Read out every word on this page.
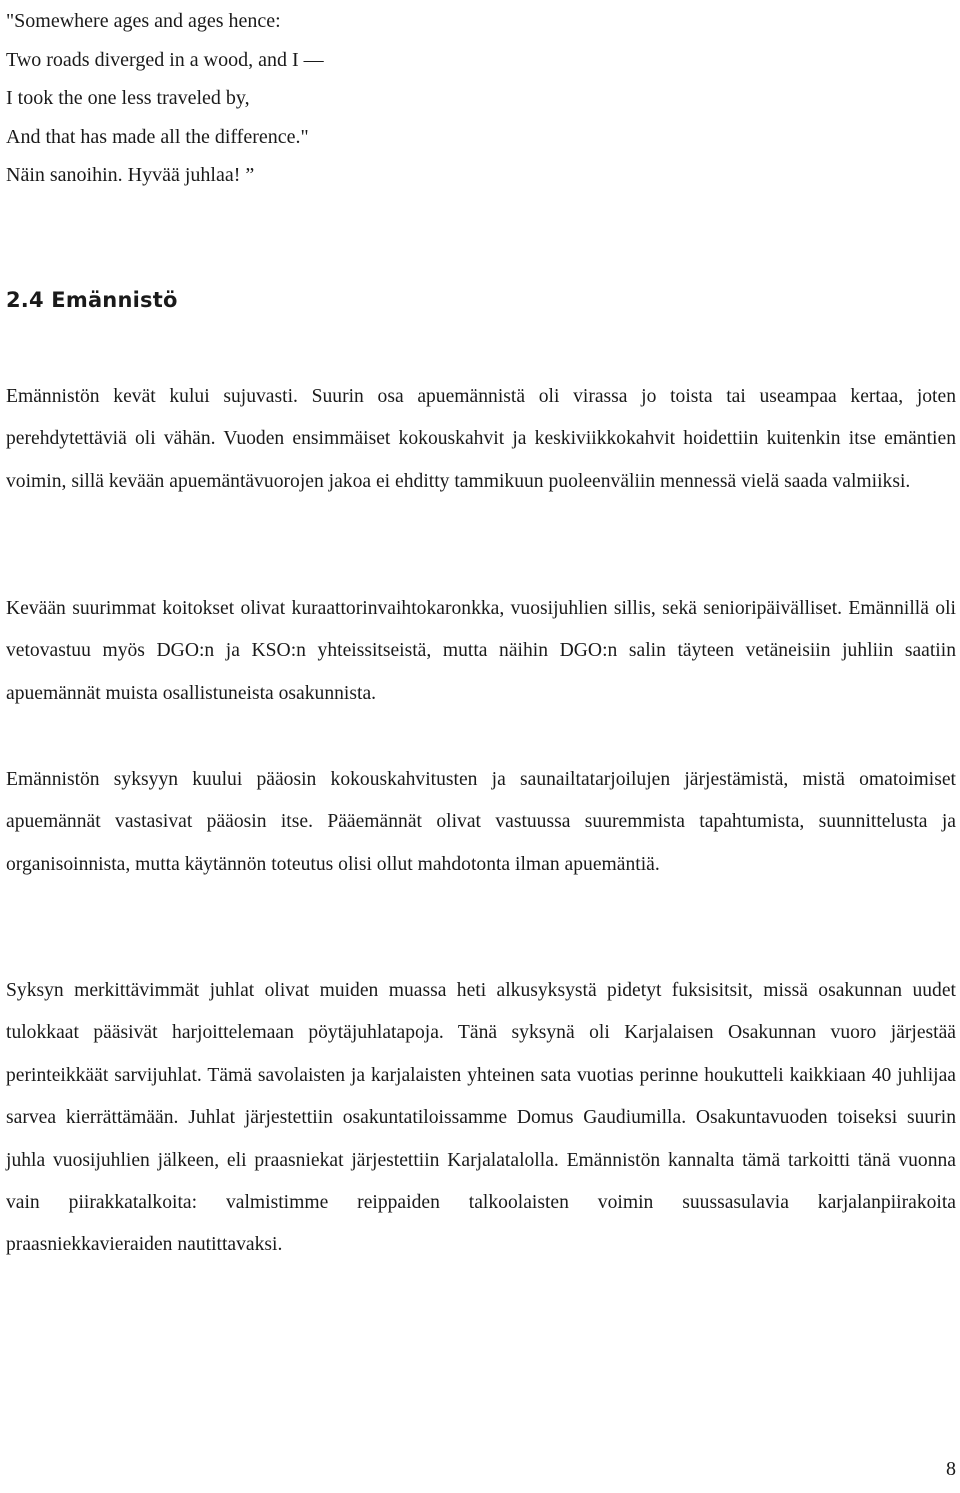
"Somewhere ages and ages hence:
Two roads diverged in a wood, and I —
I took the one less traveled by,
And that has made all the difference."
Näin sanoihin. Hyvää juhlaa! ”
2.4 Emännistö

Emännistön kevät kului sujuvasti. Suurin osa apuemännistä oli virassa jo toista tai useampaa kertaa, joten perehdytettäviä oli vähän. Vuoden ensimmäiset kokouskahvit ja keskiviikkokahvit hoidettiin kuitenkin itse emäntien voimin, sillä kevään apuemäntävuorojen jakoa ei ehditty tammikuun puoleenväliin mennessä vielä saada valmiiksi.

Kevään suurimmat koitokset olivat kuraattorinvaihtokaronkka, vuosijuhlien sillis, sekä senioripäivälliset. Emännillä oli vetovastuu myös DGO:n ja KSO:n yhteissitseistä, mutta näihin DGO:n salin täyteen vetäneisiin juhliin saatiin apuemännät muista osallistuneista osakunnista.

Emännistön syksyyn kuului pääosin kokouskahvitusten ja saunailtatarjoilujen järjestämistä, mistä omatoimiset apuemännät vastasivat pääosin itse. Pääemännät olivat vastuussa suuremmista tapahtumista, suunnittelusta ja organisoinnista, mutta käytännön toteutus olisi ollut mahdotonta ilman apuemäntiä.

Syksyn merkittävimmät juhlat olivat muiden muassa heti alkusyksystä pidetyt fuksisitsit, missä osakunnan uudet tulokkaat pääsivät harjoittelemaan pöytäjuhlatapoja. Tänä syksynä oli Karjalaisen Osakunnan vuoro järjestää perinteikkäät sarvijuhlat. Tämä savolaisten ja karjalaisten yhteinen sata vuotias perinne houkutteli kaikkiaan 40 juhlijaa sarvea kierrättämään. Juhlat järjestettiin osakuntatiloissamme Domus Gaudiumilla. Osakuntavuoden toiseksi suurin juhla vuosijuhlien jälkeen, eli praasniekat järjestettiin Karjalatalolla. Emännistön kannalta tämä tarkoitti tänä vuonna vain piirakkatalkoita: valmistimme reippaiden talkoolaisten voimin suussasulavia karjalanpiirakoita praasniekkavieraiden nautittavaksi.

8
